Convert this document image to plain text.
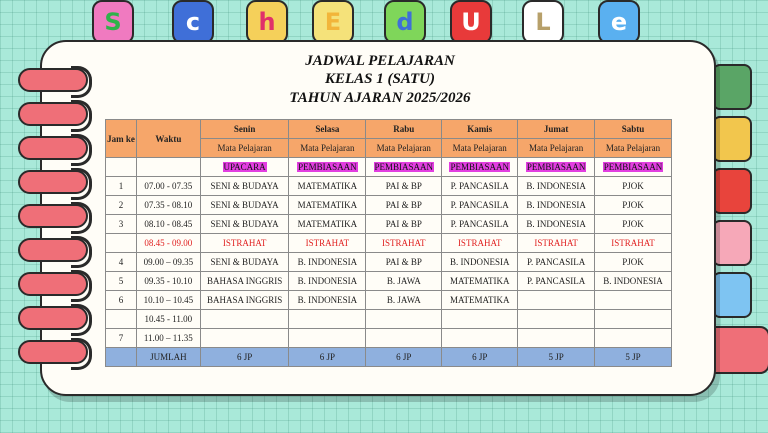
S	c	h	E	d	U	L	e
JADWAL PELAJARAN
KELAS 1 (SATU)
TAHUN AJARAN 2025/2026
Jam ke	Waktu	Senin	Selasa	Rabu	Kamis	Jumat	Sabtu
		Mata Pelajaran	Mata Pelajaran	Mata Pelajaran	Mata Pelajaran	Mata Pelajaran	Mata Pelajaran
		UPACARA	PEMBIASAAN	PEMBIASAAN	PEMBIASAAN	PEMBIASAAN	PEMBIASAAN
1	07.00 - 07.35	SENI & BUDAYA	MATEMATIKA	PAI & BP	P. PANCASILA	B. INDONESIA	PJOK
2	07.35 - 08.10	SENI & BUDAYA	MATEMATIKA	PAI & BP	P. PANCASILA	B. INDONESIA	PJOK
3	08.10 - 08.45	SENI & BUDAYA	MATEMATIKA	PAI & BP	P. PANCASILA	B. INDONESIA	PJOK
	08.45 - 09.00	ISTRAHAT	ISTRAHAT	ISTRAHAT	ISTRAHAT	ISTRAHAT	ISTRAHAT
4	09.00 – 09.35	SENI & BUDAYA	B. INDONESIA	PAI & BP	B. INDONESIA	P. PANCASILA	PJOK
5	09.35 - 10.10	BAHASA INGGRIS	B. INDONESIA	B. JAWA	MATEMATIKA	P. PANCASILA	B. INDONESIA
6	10.10 – 10.45	BAHASA INGGRIS	B. INDONESIA	B. JAWA	MATEMATIKA		
	10.45 - 11.00						
7	11.00 – 11.35						
	JUMLAH	6 JP	6 JP	6 JP	6 JP	5 JP	5 JP
